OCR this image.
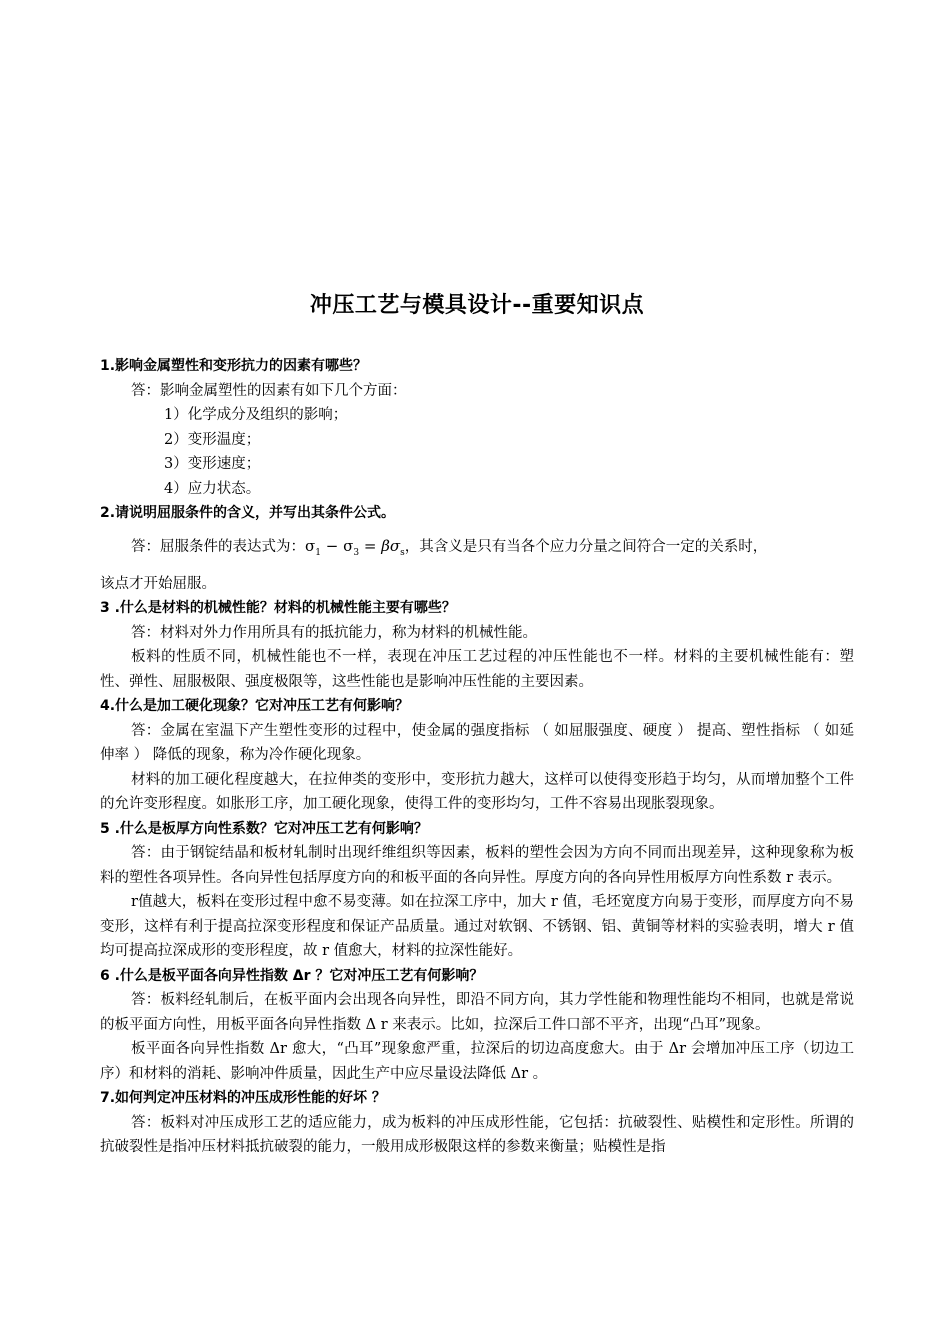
冲压工艺与模具设计--重要知识点
1.影响金属塑性和变形抗力的因素有哪些？
答：影响金属塑性的因素有如下几个方面：
1）化学成分及组织的影响；
2）变形温度；
3）变形速度；
4）应力状态。
2.请说明屈服条件的含义，并写出其条件公式。
答：屈服条件的表达式为：$\sigma_1 - \sigma_3 = \beta\sigma_s$，其含义是只有当各个应力分量之间符合一定的关系时，
该点才开始屈服。
3 .什么是材料的机械性能？材料的机械性能主要有哪些？
答：材料对外力作用所具有的抵抗能力，称为材料的机械性能。
板料的性质不同，机械性能也不一样，表现在冲压工艺过程的冲压性能也不一样。材料的主要机械性能有：塑性、弹性、屈服极限、强度极限等，这些性能也是影响冲压性能的主要因素。
4.什么是加工硬化现象？它对冲压工艺有何影响？
答：金属在室温下产生塑性变形的过程中，使金属的强度指标 （ 如屈服强度、硬度 ） 提高、塑性指标 （ 如延伸率 ） 降低的现象，称为冷作硬化现象。
材料的加工硬化程度越大，在拉伸类的变形中，变形抗力越大，这样可以使得变形趋于均匀，从而增加整个工件的允许变形程度。如胀形工序，加工硬化现象，使得工件的变形均匀，工件不容易出现胀裂现象。
5 .什么是板厚方向性系数？它对冲压工艺有何影响？
答：由于钢锭结晶和板材轧制时出现纤维组织等因素，板料的塑性会因为方向不同而出现差异，这种现象称为板料的塑性各项异性。各向异性包括厚度方向的和板平面的各向异性。厚度方向的各向异性用板厚方向性系数 r 表示。
r值越大，板料在变形过程中愈不易变薄。如在拉深工序中，加大 r 值，毛坯宽度方向易于变形，而厚度方向不易变形，这样有利于提高拉深变形程度和保证产品质量。通过对软钢、不锈钢、铝、黄铜等材料的实验表明，增大 r 值均可提高拉深成形的变形程度，故 r 值愈大，材料的拉深性能好。
6 .什么是板平面各向异性指数 Δr ？它对冲压工艺有何影响？
答：板料经轧制后，在板平面内会出现各向异性，即沿不同方向，其力学性能和物理性能均不相同，也就是常说的板平面方向性，用板平面各向异性指数 Δ r 来表示。比如，拉深后工件口部不平齐，出现“凸耳”现象。
板平面各向异性指数 Δr 愈大，“凸耳”现象愈严重，拉深后的切边高度愈大。由于 Δr 会增加冲压工序（切边工序）和材料的消耗、影响冲件质量，因此生产中应尽量设法降低 Δr 。
7.如何判定冲压材料的冲压成形性能的好坏 ？
答：板料对冲压成形工艺的适应能力，成为板料的冲压成形性能，它包括：抗破裂性、贴模性和定形性。所谓的抗破裂性是指冲压材料抵抗破裂的能力，一般用成形极限这样的参数来衡量；贴模性是指
